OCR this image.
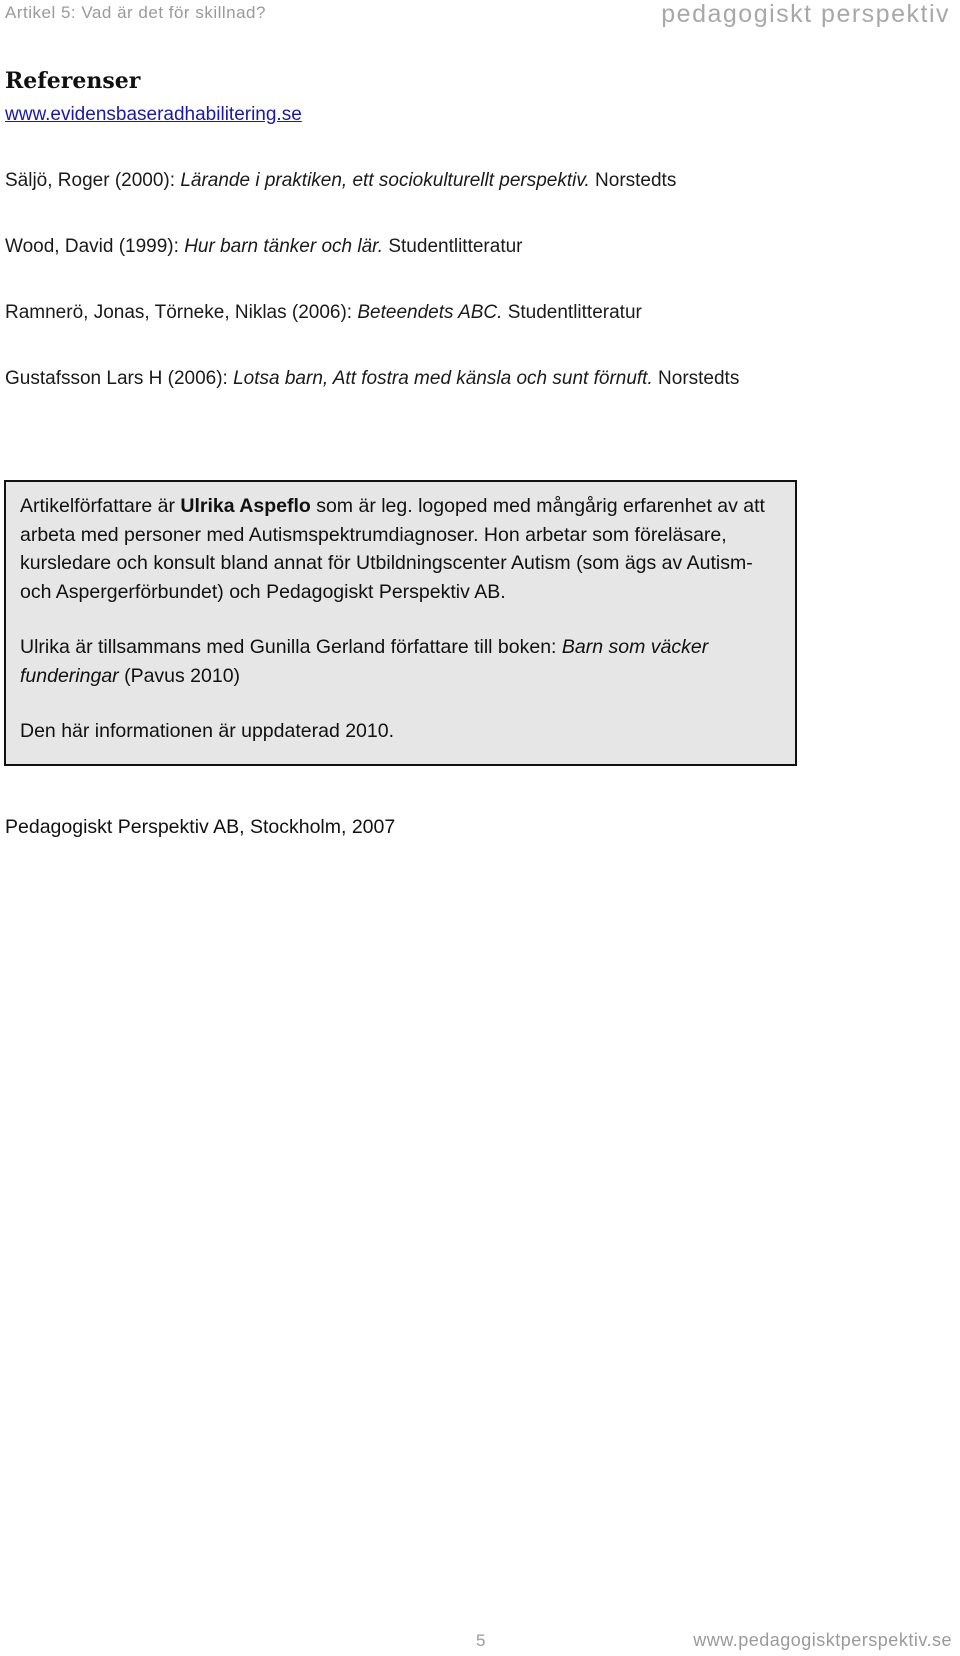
Artikel 5: Vad är det för skillnad?	pedagogiskt perspektiv
Referenser
www.evidensbaseradhabilitering.se
Säljö, Roger (2000): Lärande i praktiken, ett sociokulturellt perspektiv. Norstedts
Wood, David (1999): Hur barn tänker och lär. Studentlitteratur
Ramnerö, Jonas, Törneke, Niklas (2006): Beteendets ABC. Studentlitteratur
Gustafsson Lars H (2006): Lotsa barn, Att fostra med känsla och sunt förnuft. Norstedts

Artikelförfattare är Ulrika Aspeflo som är leg. logoped med mångårig erfarenhet av att arbeta med personer med Autismspektrumdiagnoser. Hon arbetar som föreläsare, kursledare och konsult bland annat för Utbildningscenter Autism (som ägs av Autism- och Aspergerförbundet) och Pedagogiskt Perspektiv AB.

Ulrika är tillsammans med Gunilla Gerland författare till boken: Barn som väcker funderingar (Pavus 2010)

Den här informationen är uppdaterad 2010.

Pedagogiskt Perspektiv AB, Stockholm, 2007
5	www.pedagogisktperspektiv.se
